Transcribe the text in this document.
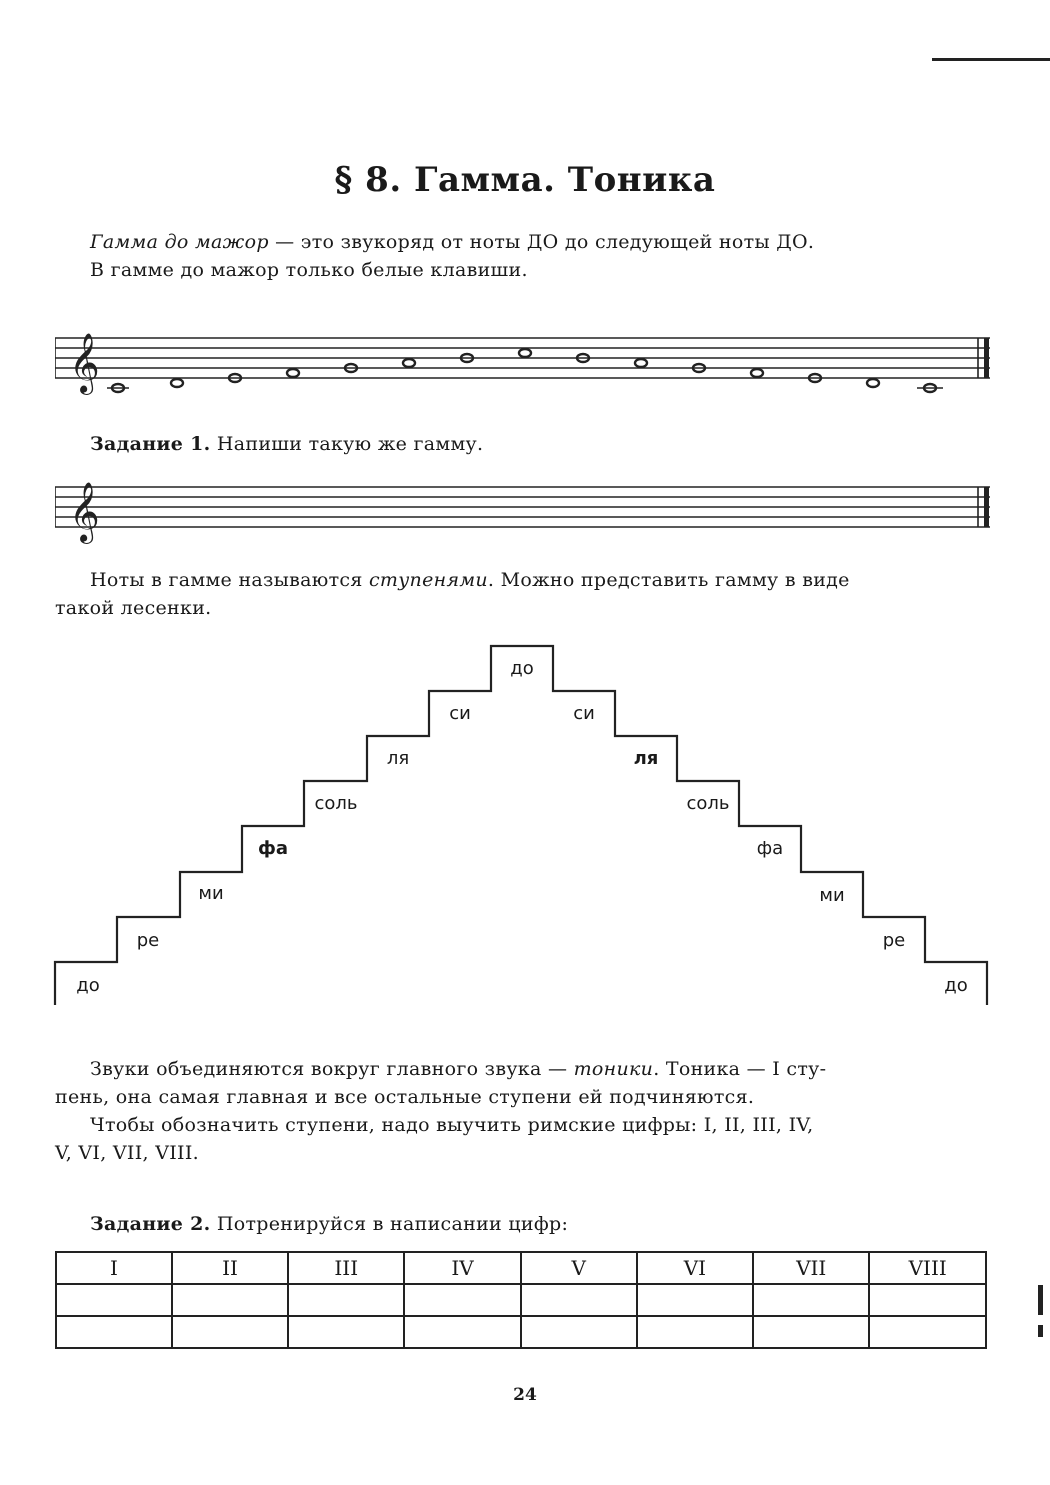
§ 8. Гамма. Тоника
Гамма до мажор — это звукоряд от ноты ДО до следующей ноты ДО.
В гамме до мажор только белые клавиши.
𝄞
Задание 1. Напиши такую же гамму.
𝄞
Ноты в гамме называются ступенями. Можно представить гамму в виде
такой лесенки.
до
ре
ми
фа
соль
ля
си
до
си
ля
соль
фа
ми
ре
до
Звуки объединяются вокруг главного звука — тоники. Тоника — I сту-
пень, она самая главная и все остальные ступени ей подчиняются.
Чтобы обозначить ступени, надо выучить римские цифры: I, II, III, IV,
V, VI, VII, VIII.
Задание 2. Потренируйся в написании цифр:
I	II	III	IV	V	VI	VII	VIII

24
